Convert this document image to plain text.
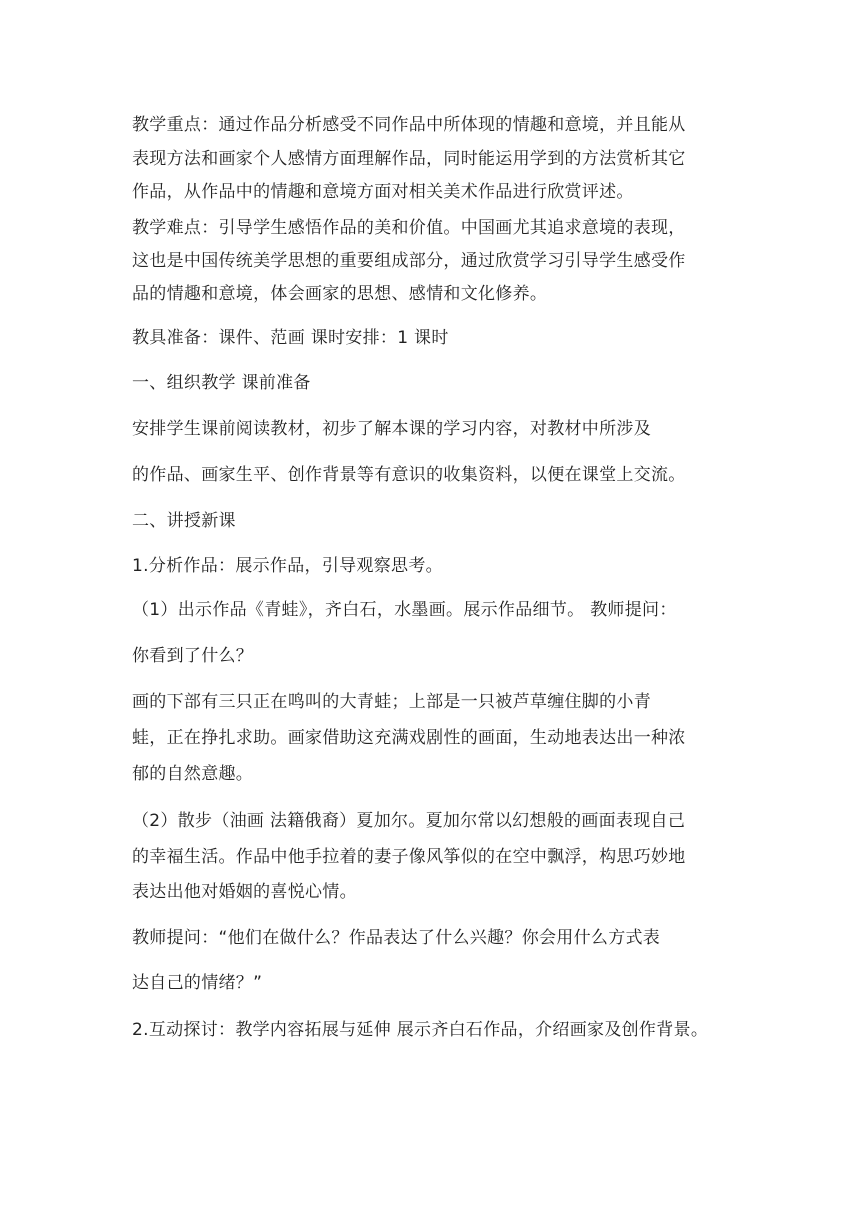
教学重点：通过作品分析感受不同作品中所体现的情趣和意境，并且能从
表现方法和画家个人感情方面理解作品，同时能运用学到的方法赏析其它
作品，从作品中的情趣和意境方面对相关美术作品进行欣赏评述。
教学难点：引导学生感悟作品的美和价值。中国画尤其追求意境的表现，
这也是中国传统美学思想的重要组成部分，通过欣赏学习引导学生感受作
品的情趣和意境，体会画家的思想、感情和文化修养。
教具准备：课件、范画 课时安排：1 课时
一、组织教学 课前准备
安排学生课前阅读教材，初步了解本课的学习内容，对教材中所涉及
的作品、画家生平、创作背景等有意识的收集资料，以便在课堂上交流。
二、讲授新课
1.分析作品：展示作品，引导观察思考。
（1）出示作品《青蛙》，齐白石，水墨画。展示作品细节。 教师提问：
你看到了什么？
画的下部有三只正在鸣叫的大青蛙；上部是一只被芦草缠住脚的小青
蛙，正在挣扎求助。画家借助这充满戏剧性的画面，生动地表达出一种浓
郁的自然意趣。
（2）散步（油画 法籍俄裔）夏加尔。夏加尔常以幻想般的画面表现自己
的幸福生活。作品中他手拉着的妻子像风筝似的在空中飘浮，构思巧妙地
表达出他对婚姻的喜悦心情。
教师提问：“他们在做什么？作品表达了什么兴趣？你会用什么方式表
达自己的情绪？”
2.互动探讨：教学内容拓展与延伸 展示齐白石作品，介绍画家及创作背景。
